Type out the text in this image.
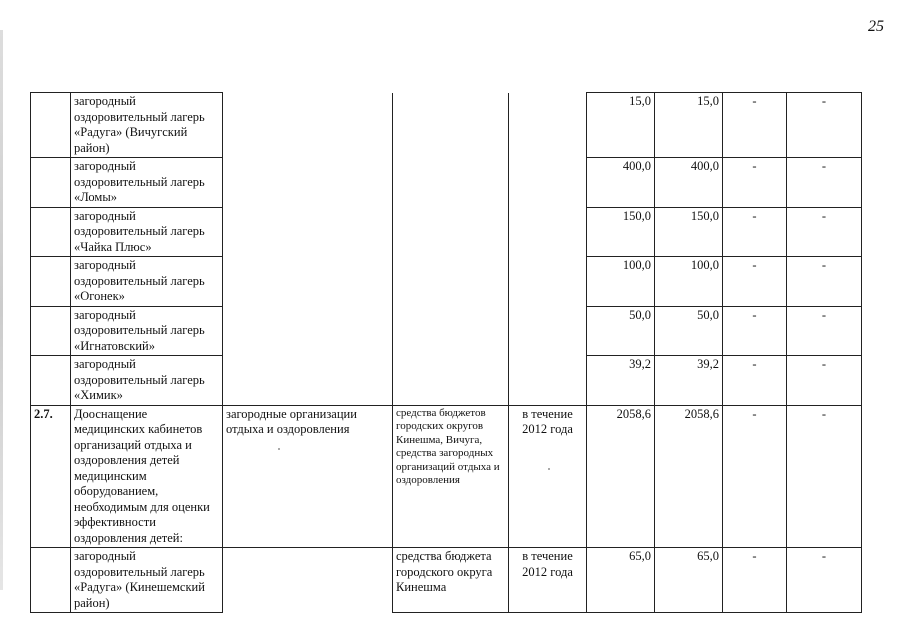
25
	загородный оздоровительный лагерь «Радуга» (Вичугский район)				15,0	15,0	-	-
	загородный оздоровительный лагерь «Ломы»				400,0	400,0	-	-
	загородный оздоровительный лагерь «Чайка Плюс»				150,0	150,0	-	-
	загородный оздоровительный лагерь «Огонек»				100,0	100,0	-	-
	загородный оздоровительный лагерь «Игнатовский»				50,0	50,0	-	-
	загородный оздоровительный лагерь «Химик»				39,2	39,2	-	-
2.7.	Дооснащение медицинских кабинетов организаций отдыха и оздоровления детей медицинским оборудованием, необходимым для оценки эффективности оздоровления детей:	загородные организации отдыха и оздоровления	средства бюджетов городских округов Кинешма, Вичуга, средства загородных организаций отдыха и оздоровления	в течение 2012 года	2058,6	2058,6	-	-
	загородный оздоровительный лагерь «Радуга» (Кинешемский район)		средства бюджета городского округа Кинешма	в течение 2012 года	65,0	65,0	-	-
